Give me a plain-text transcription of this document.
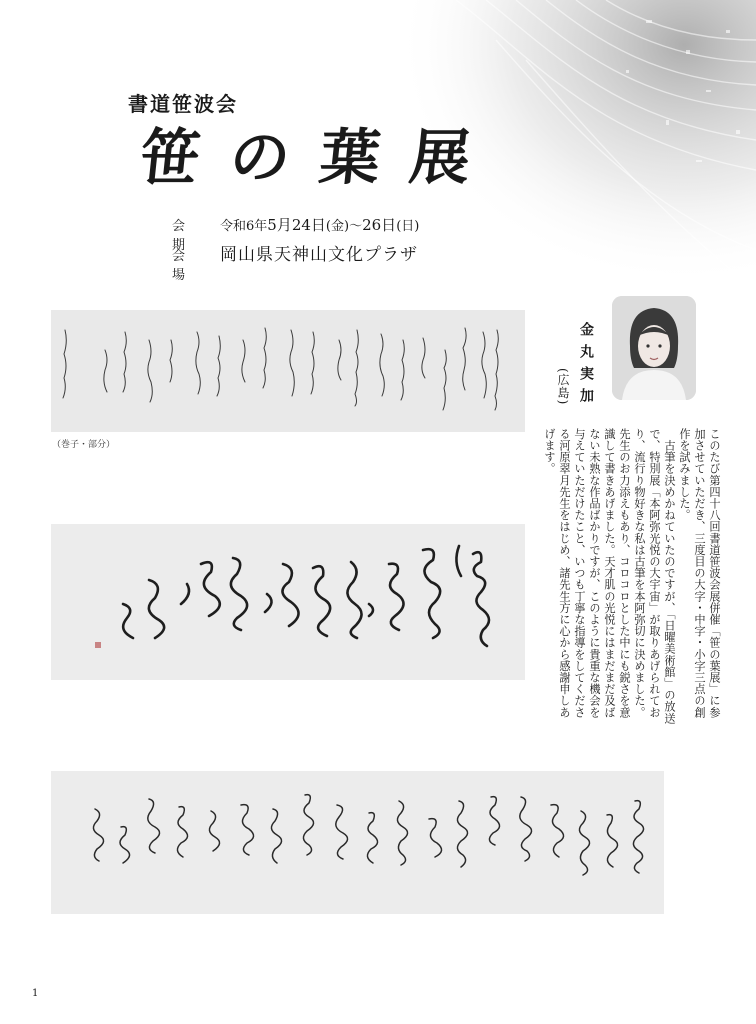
書道笹波会
笹の葉展
会 期
令和6年 5月24日 (金) ～ 26日 (日)
会 場
岡山県天神山文化プラザ
（巻子・部分）
金丸実加
(広島)
このたび第四十八回書道笹波会展併催「笹の葉展」に参加させていただき、三度目の大字・中字・小字三点の創作を試みました。
　古筆を決めかねていたのですが、「日曜美術館」の放送で、特別展「本阿弥光悦の大宇宙」が取りあげられており、流行り物好きな私は古筆を本阿弥切に決めました。先生のお力添えもあり、コロコロとした中にも鋭さを意識して書きあげました。天才肌の光悦にはまだまだ及ばない未熟な作品ばかりですが、このように貴重な機会を与えていただけたこと、いつも丁寧な指導をしてくださる河原翠月先生をはじめ、諸先生方に心から感謝申しあげます。
1
